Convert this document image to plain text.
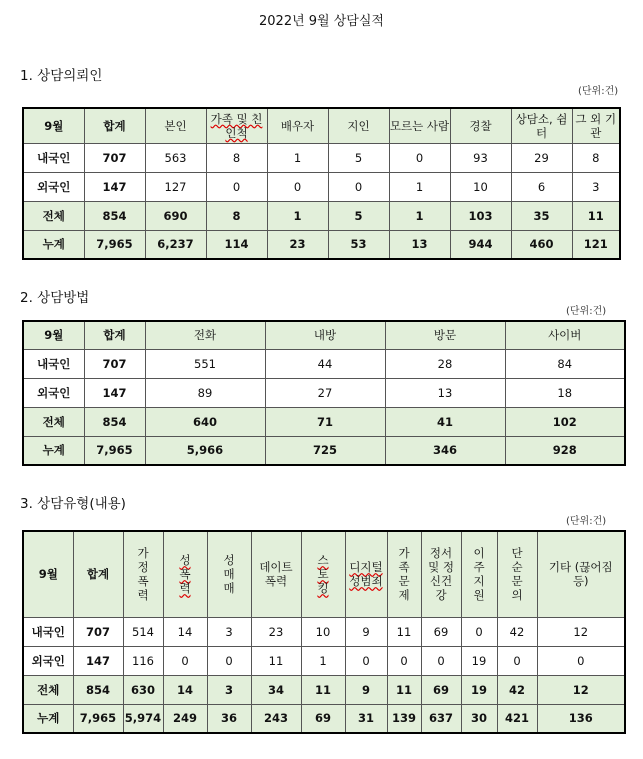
2022년 9월 상담실적
1. 상담의뢰인
(단위:건)
9월	합계	본인	가족 및 친인척	배우자	지인	모르는 사람	경찰	상담소, 쉼터	그 외 기관
내국인	707	563	8	1	5	0	93	29	8
외국인	147	127	0	0	0	1	10	6	3
전체	854	690	8	1	5	1	103	35	11
누계	7,965	6,237	114	23	53	13	944	460	121
2. 상담방법
(단위:건)
9월	합계	전화	내방	방문	사이버
내국인	707	551	44	28	84
외국인	147	89	27	13	18
전체	854	640	71	41	102
누계	7,965	5,966	725	346	928
3. 상담유형(내용)
(단위:건)
9월	합계	가정폭력	성폭력	성매매	데이트 폭력	스토킹	디지털 성범죄	가족문제	정서 및 정신건강	이주지원	단순문의	기타 (끊어짐 등)

내국인	707	514	14	3	23	10	9	11	69	0	42	12
외국인	147	116	0	0	11	1	0	0	0	19	0	0
전체	854	630	14	3	34	11	9	11	69	19	42	12
누계	7,965	5,974	249	36	243	69	31	139	637	30	421	136
